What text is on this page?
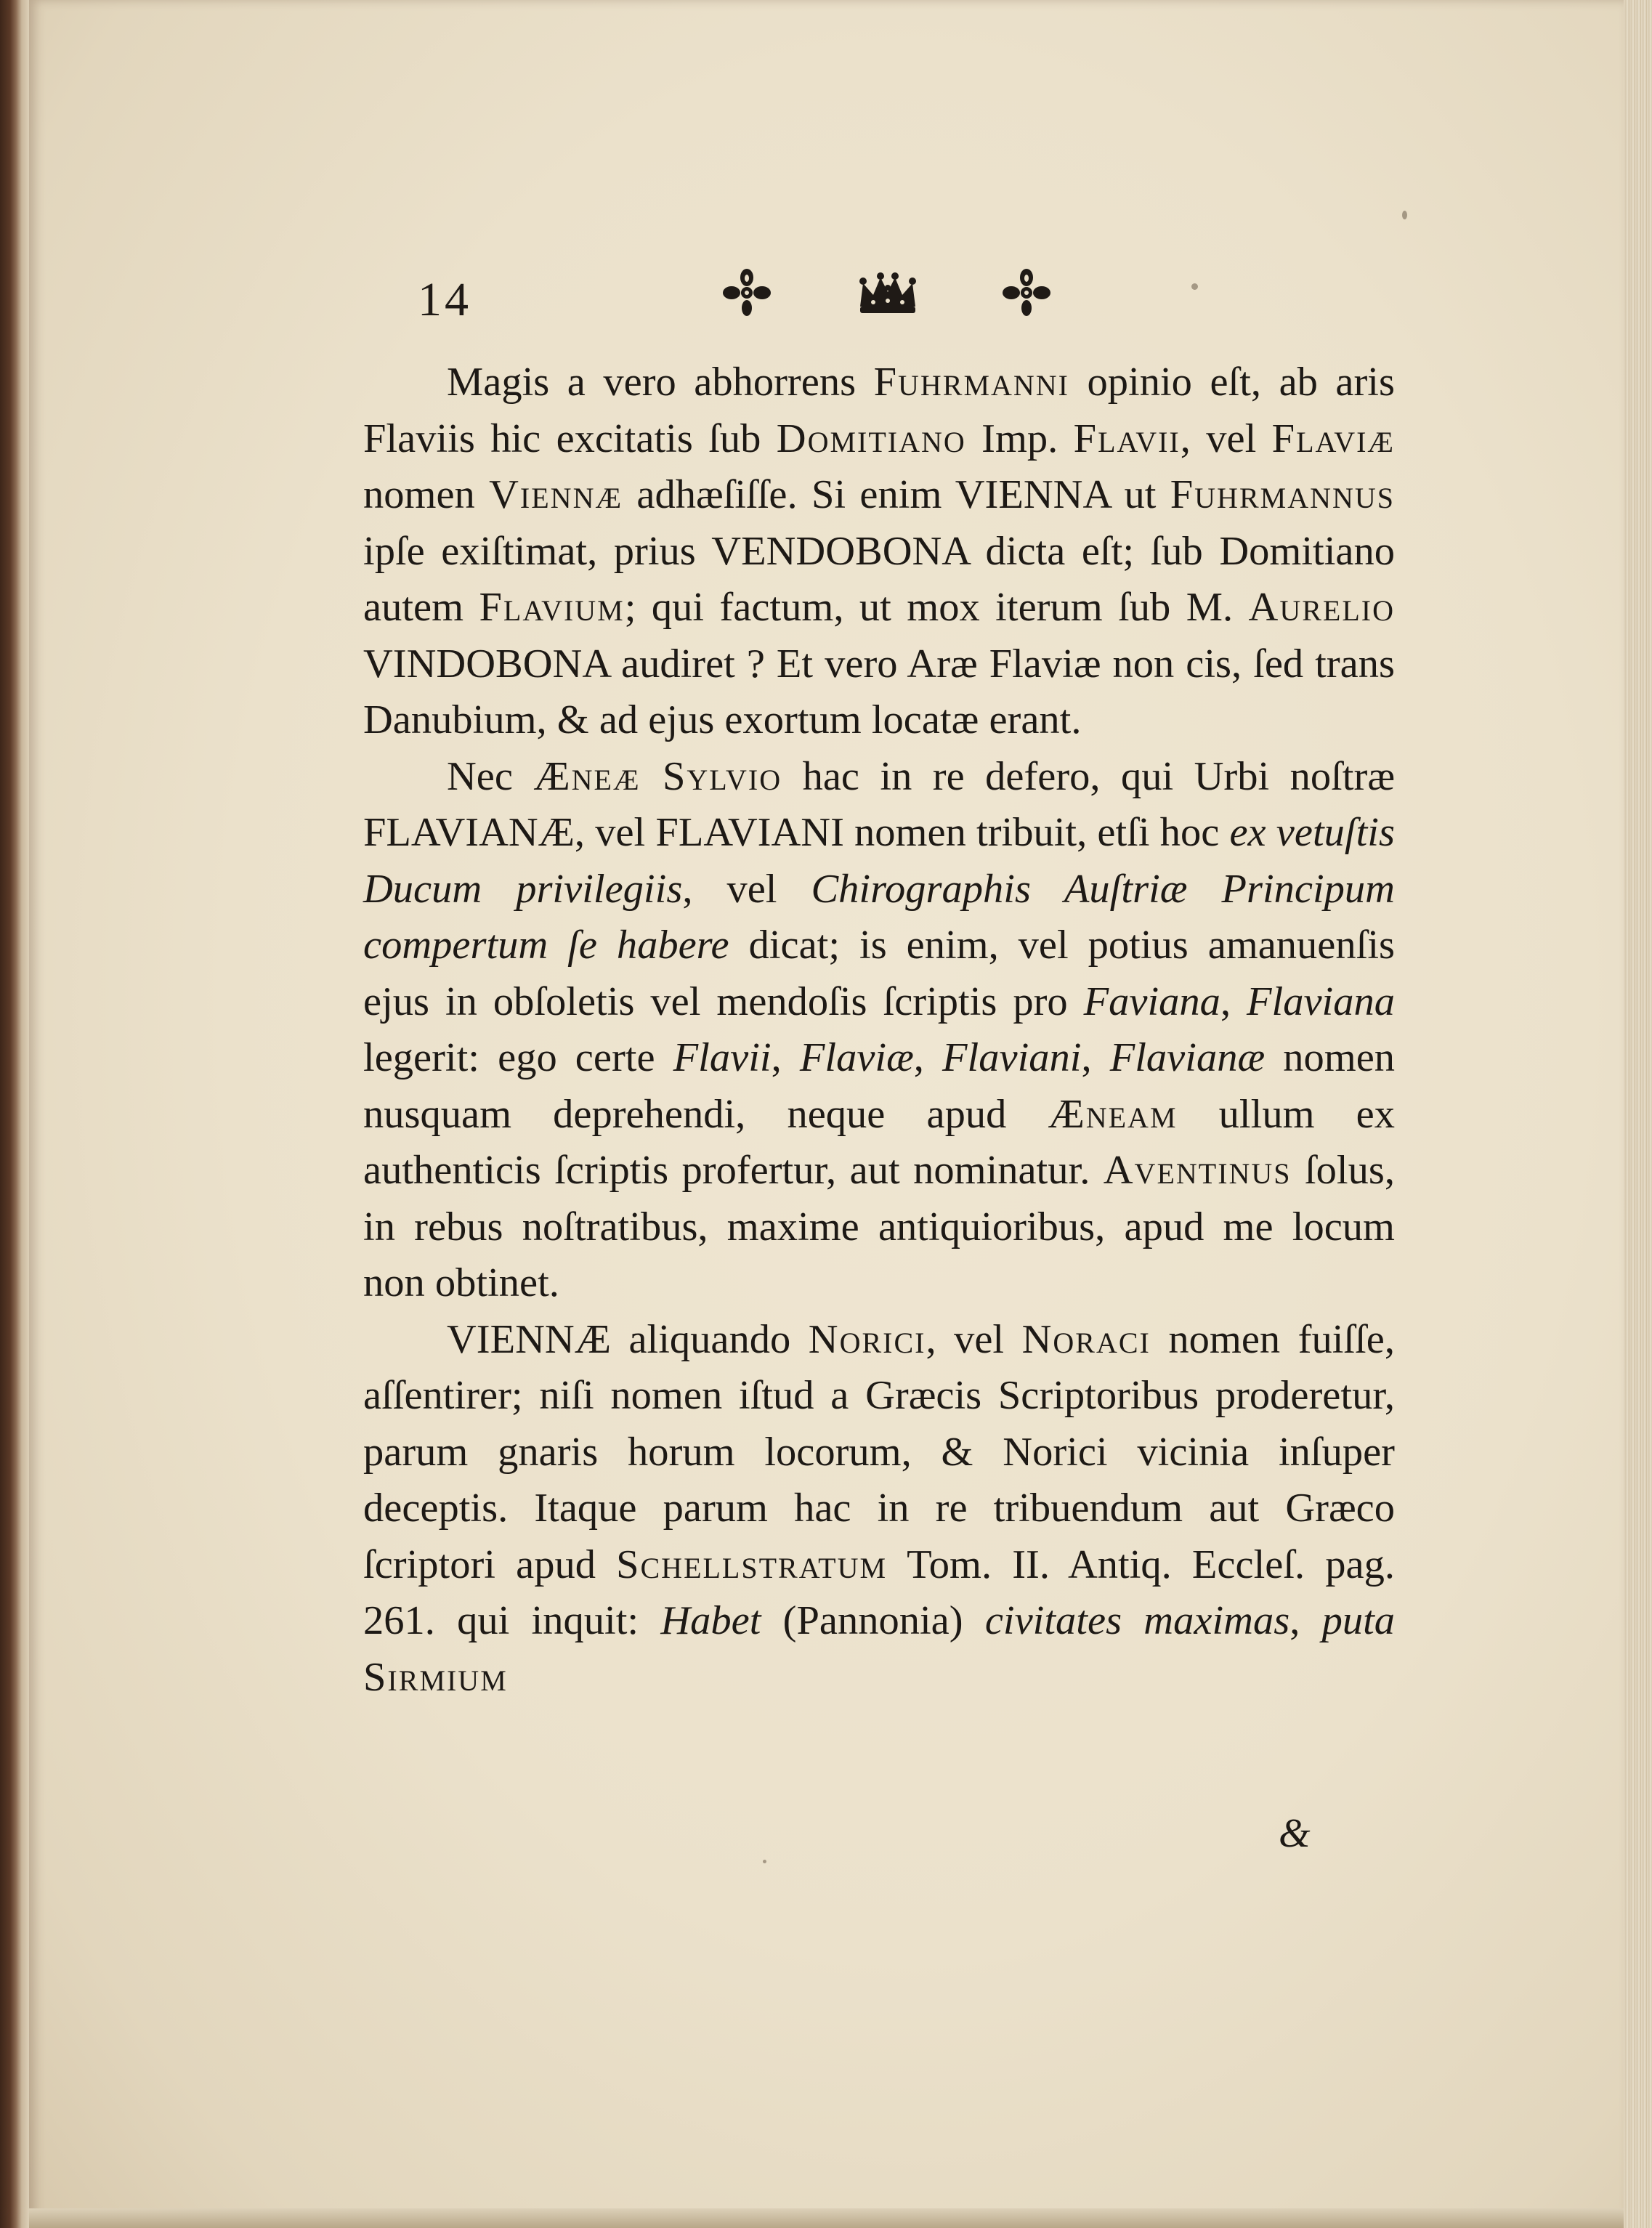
14

Magis a vero abhorrens Fuhrmanni opinio eſt, ab aris Flaviis hic excitatis ſub Domitiano Imp. Flavii, vel Flaviæ nomen Viennæ adhæſiſſe. Si enim VIENNA ut Fuhrmannus ipſe exiſtimat, prius VENDOBONA dicta eſt; ſub Domitiano autem Flavium; qui factum, ut mox iterum ſub M. Aurelio VINDOBONA audiret ? Et vero Aræ Flaviæ non cis, ſed trans Danubium, & ad ejus exortum locatæ erant.

Nec Æneæ Sylvio hac in re defero, qui Urbi noſtræ FLAVIANÆ, vel FLAVIANI nomen tribuit, etſi hoc ex vetuſtis Ducum privilegiis, vel Chirographis Auſtriæ Principum compertum ſe habere dicat; is enim, vel potius amanuenſis ejus in obſoletis vel mendoſis ſcriptis pro Faviana, Flaviana legerit: ego certe Flavii, Flaviæ, Flaviani, Flavianæ nomen nusquam deprehendi, neque apud Æneam ullum ex authenticis ſcriptis profertur, aut nominatur. Aventinus ſolus, in rebus noſtratibus, maxime antiquioribus, apud me locum non obtinet.

VIENNÆ aliquando Norici, vel Noraci nomen fuiſſe, aſſentirer; niſi nomen iſtud a Græcis Scriptoribus proderetur, parum gnaris horum locorum, & Norici vicinia inſuper deceptis. Itaque parum hac in re tribuendum aut Græco ſcriptori apud Schellstratum Tom. II. Antiq. Eccleſ. pag. 261. qui inquit: Habet (Pannonia) civitates maximas, puta Sirmium

&
